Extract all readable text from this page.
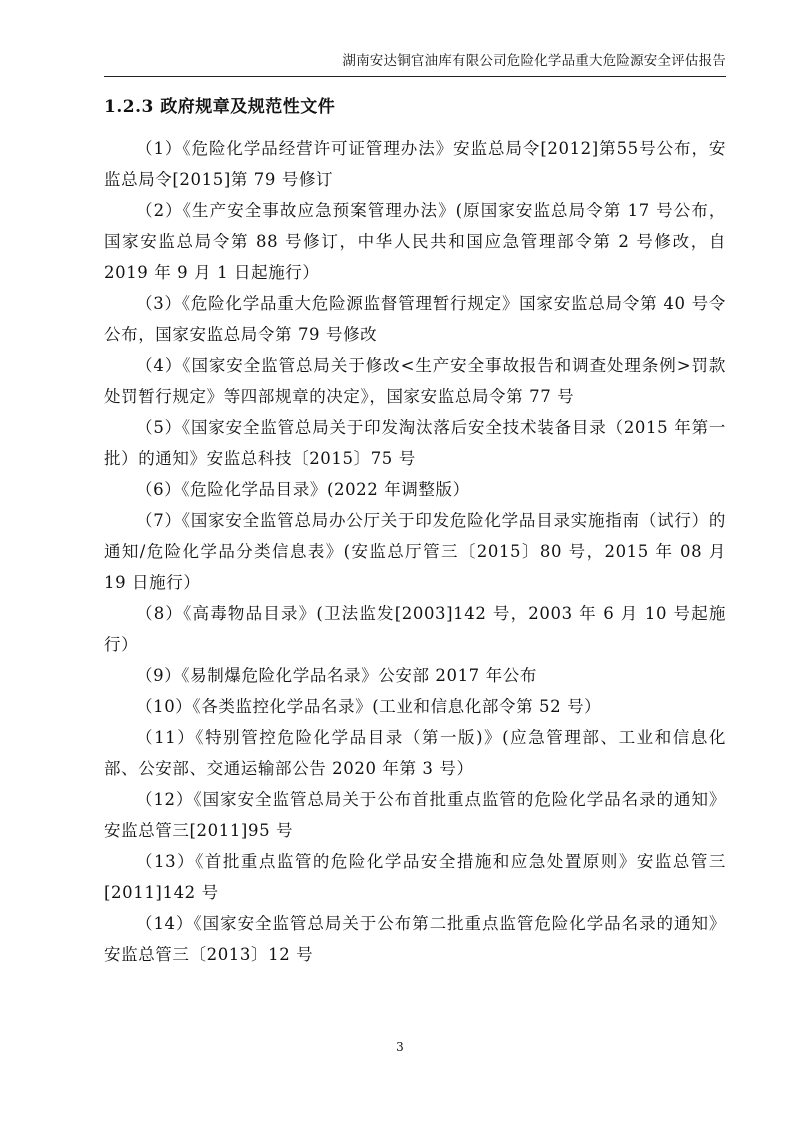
湖南安达铜官油库有限公司危险化学品重大危险源安全评估报告
1.2.3 政府规章及规范性文件

（1）《危险化学品经营许可证管理办法》安监总局令[2012]第55号公布，安监总局令[2015]第 79 号修订

（2）《生产安全事故应急预案管理办法》(原国家安监总局令第 17 号公布，国家安监总局令第 88 号修订，中华人民共和国应急管理部令第 2 号修改，自 2019 年 9 月 1 日起施行）

（3）《危险化学品重大危险源监督管理暂行规定》国家安监总局令第 40 号令公布，国家安监总局令第 79 号修改

（4）《国家安全监管总局关于修改<生产安全事故报告和调查处理条例>罚款处罚暂行规定》等四部规章的决定》，国家安监总局令第 77 号

（5）《国家安全监管总局关于印发淘汰落后安全技术装备目录（2015 年第一批）的通知》安监总科技〔2015〕75 号

（6）《危险化学品目录》(2022 年调整版）

（7）《国家安全监管总局办公厅关于印发危险化学品目录实施指南（试行）的通知/危险化学品分类信息表》(安监总厅管三〔2015〕80 号，2015 年 08 月 19 日施行）

（8）《高毒物品目录》(卫法监发[2003]142 号，2003 年 6 月 10 号起施行）

（9）《易制爆危险化学品名录》公安部 2017 年公布

（10）《各类监控化学品名录》(工业和信息化部令第 52 号）

（11）《特别管控危险化学品目录（第一版)》(应急管理部、工业和信息化部、公安部、交通运输部公告 2020 年第 3 号）

（12）《国家安全监管总局关于公布首批重点监管的危险化学品名录的通知》安监总管三[2011]95 号

（13）《首批重点监管的危险化学品安全措施和应急处置原则》安监总管三[2011]142 号

（14）《国家安全监管总局关于公布第二批重点监管危险化学品名录的通知》安监总管三〔2013〕12 号

3
